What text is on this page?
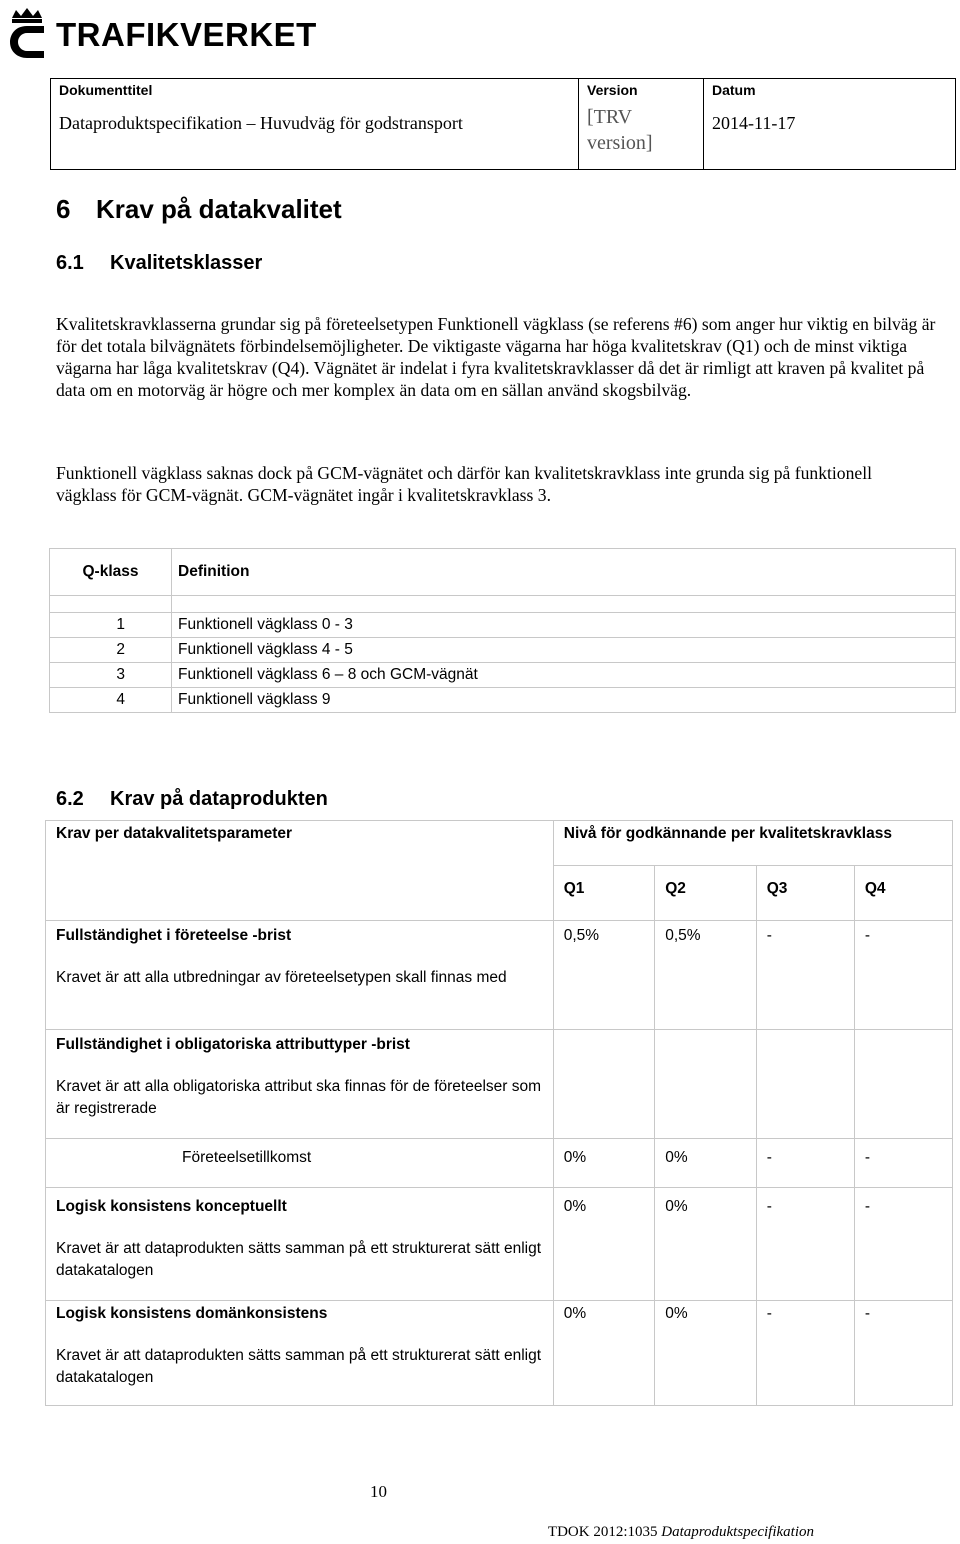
TRAFIKVERKET
Dokumenttitel
Dataproduktspecifikation – Huvudväg för godstransport
Version
[TRV version]
Datum
2014-11-17
6 Krav på datakvalitet
6.1 Kvalitetsklasser

Kvalitetskravklasserna grundar sig på företeelsetypen Funktionell vägklass (se referens #6) som anger hur viktig en bilväg är för det totala bilvägnätets förbindelsemöjligheter. De viktigaste vägarna har höga kvalitetskrav (Q1) och de minst viktiga vägarna har låga kvalitetskrav (Q4). Vägnätet är indelat i fyra kvalitetskravklasser då det är rimligt att kraven på kvalitet på data om en motorväg är högre och mer komplex än data om en sällan använd skogsbilväg.

Funktionell vägklass saknas dock på GCM-vägnätet och därför kan kvalitetskravklass inte grunda sig på funktionell vägklass för GCM-vägnät. GCM-vägnätet ingår i kvalitetskravklass 3.

Q-klass	Definition

1	Funktionell vägklass 0 - 3
2	Funktionell vägklass 4 - 5
3	Funktionell vägklass 6 – 8 och GCM-vägnät
4	Funktionell vägklass 9
6.2 Krav på dataprodukten
Krav per datakvalitetsparameter	Nivå för godkännande per kvalitetskravklass			
	Q1	Q2	Q3	Q4

Fullständighet i företeelse -brist
Kravet är att alla utbredningar av företeelsetypen skall finnas med	0,5%	0,5%	-	-

Fullständighet i obligatoriska attributtyper -brist
Kravet är att alla obligatoriska attribut ska finnas för de företeelser som är registrerade				

Företeelsetillkomst	0%	0%	-	-

Logisk konsistens konceptuellt
Kravet är att dataprodukten sätts samman på ett strukturerat sätt enligt datakatalogen	0%	0%	-	-

Logisk konsistens domänkonsistens
Kravet är att dataprodukten sätts samman på ett strukturerat sätt enligt datakatalogen	0%	0%	-	-
10
TDOK 2012:1035 Dataproduktspecifikation
